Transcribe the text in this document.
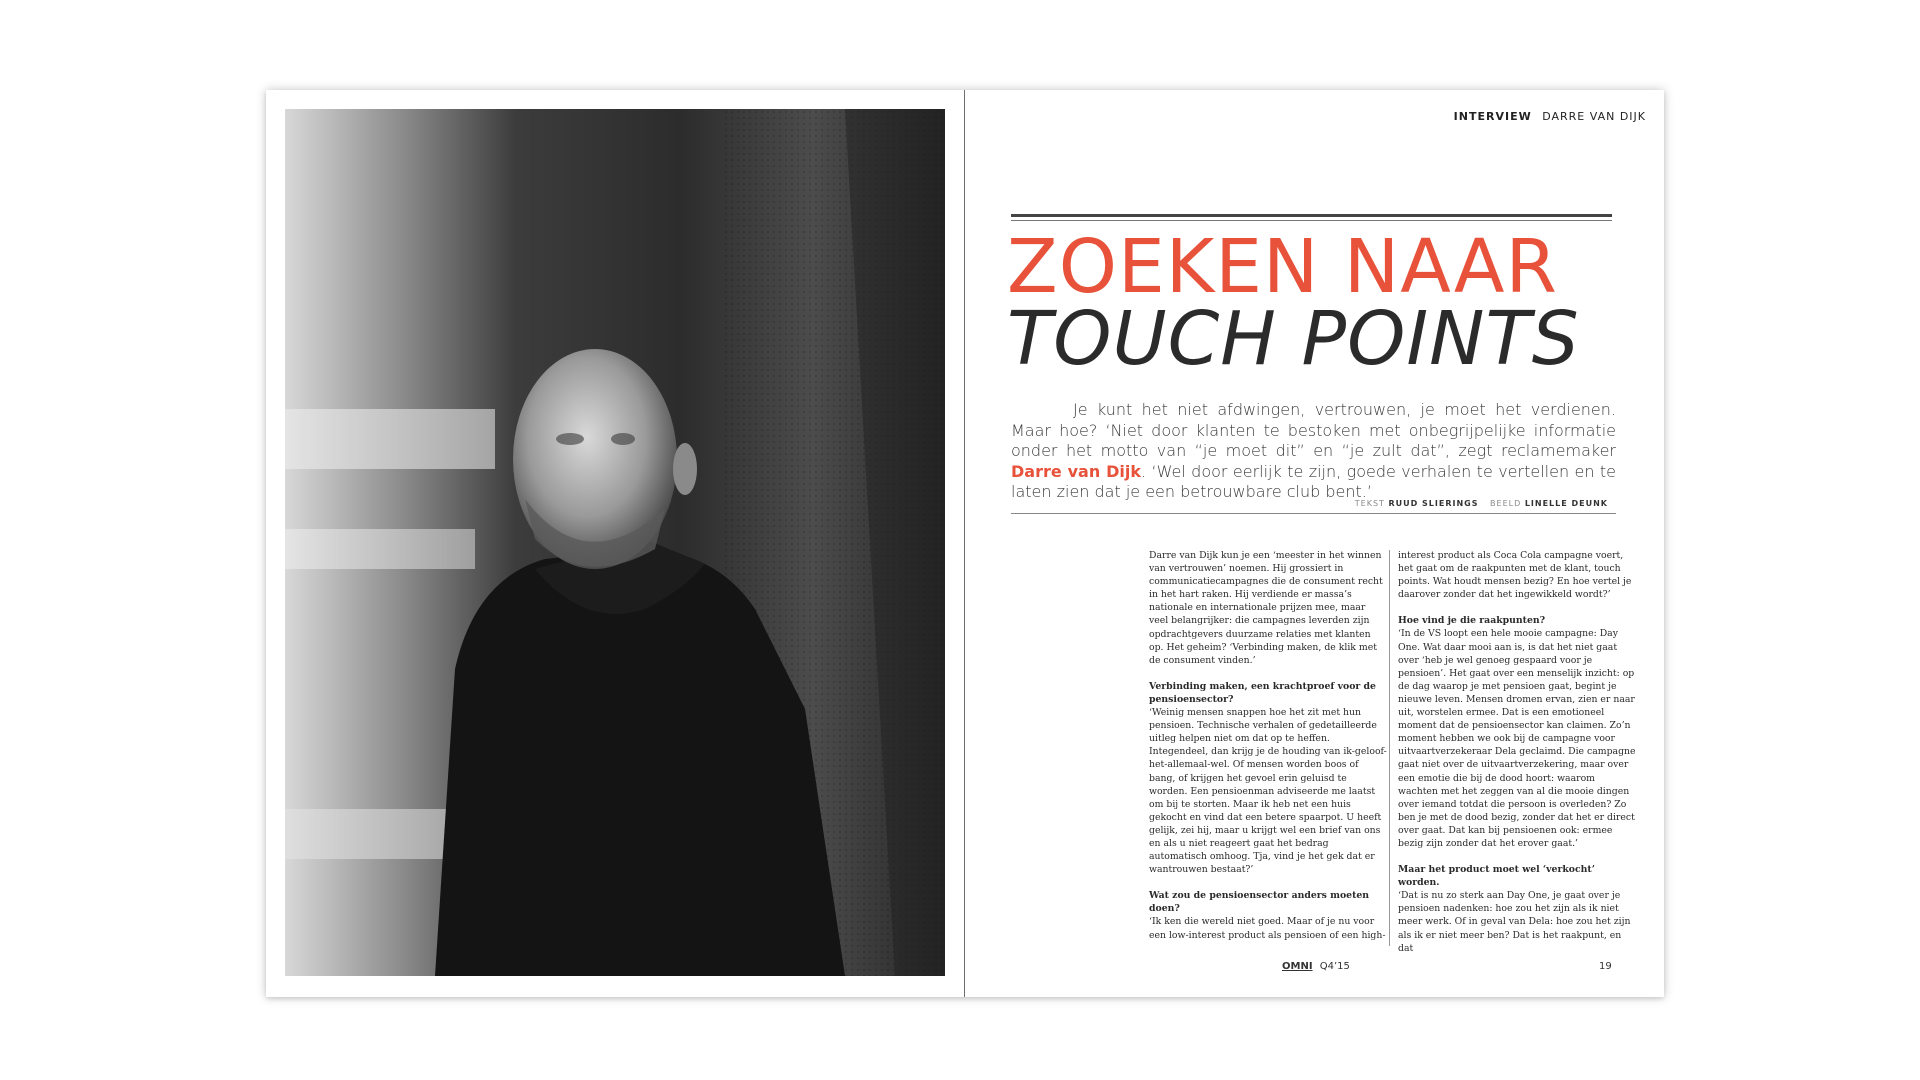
INTERVIEW DARRE VAN DIJK
ZOEKEN NAAR
TOUCH POINTS

Je kunt het niet afdwingen, vertrouwen, je moet het verdienen. Maar hoe? ‘Niet door klanten te bestoken met onbegrijpelijke informatie onder het motto van “je moet dit” en “je zult dat”, zegt reclamemaker Darre van Dijk. ‘Wel door eerlijk te zijn, goede verhalen te vertellen en te laten zien dat je een betrouwbare club bent.’

TEKST RUUD SLIERINGS BEELD LINELLE DEUNK

Darre van Dijk kun je een ‘meester in het winnen van vertrouwen’ noemen. Hij grossiert in communicatiecampagnes die de consument recht in het hart raken. Hij verdiende er massa’s nationale en internationale prijzen mee, maar veel belangrijker: die campagnes leverden zijn opdrachtgevers duurzame relaties met klanten op. Het geheim? ‘Verbinding maken, de klik met de consument vinden.’

Verbinding maken, een krachtproef voor de pensioensector?
‘Weinig mensen snappen hoe het zit met hun pensioen. Technische verhalen of gedetailleerde uitleg helpen niet om dat op te heffen. Integendeel, dan krijg je de houding van ik-geloof-het-allemaal-wel. Of mensen worden boos of bang, of krijgen het gevoel erin geluisd te worden. Een pensioenman adviseerde me laatst om bij te storten. Maar ik heb net een huis gekocht en vind dat een betere spaarpot. U heeft gelijk, zei hij, maar u krijgt wel een brief van ons en als u niet reageert gaat het bedrag automatisch omhoog. Tja, vind je het gek dat er wantrouwen bestaat?’

Wat zou de pensioensector anders moeten doen?
‘Ik ken die wereld niet goed. Maar of je nu voor een low-interest product als pensioen of een high-

interest product als Coca Cola campagne voert, het gaat om de raakpunten met de klant, touch points. Wat houdt mensen bezig? En hoe vertel je daarover zonder dat het ingewikkeld wordt?’

Hoe vind je die raakpunten?
‘In de VS loopt een hele mooie campagne: Day One. Wat daar mooi aan is, is dat het niet gaat over ‘heb je wel genoeg gespaard voor je pensioen’. Het gaat over een menselijk inzicht: op de dag waarop je met pensioen gaat, begint je nieuwe leven. Mensen dromen ervan, zien er naar uit, worstelen ermee. Dat is een emotioneel moment dat de pensioensector kan claimen. Zo’n moment hebben we ook bij de campagne voor uitvaartverzekeraar Dela geclaimd. Die campagne gaat niet over de uitvaartverzekering, maar over een emotie die bij de dood hoort: waarom wachten met het zeggen van al die mooie dingen over iemand totdat die persoon is overleden? Zo ben je met de dood bezig, zonder dat het er direct over gaat. Dat kan bij pensioenen ook: ermee bezig zijn zonder dat het erover gaat.’

Maar het product moet wel ‘verkocht’ worden.
‘Dat is nu zo sterk aan Day One, je gaat over je pensioen nadenken: hoe zou het zijn als ik niet meer werk. Of in geval van Dela: hoe zou het zijn als ik er niet meer ben? Dat is het raakpunt, en dat

OMNI Q4’15	19
